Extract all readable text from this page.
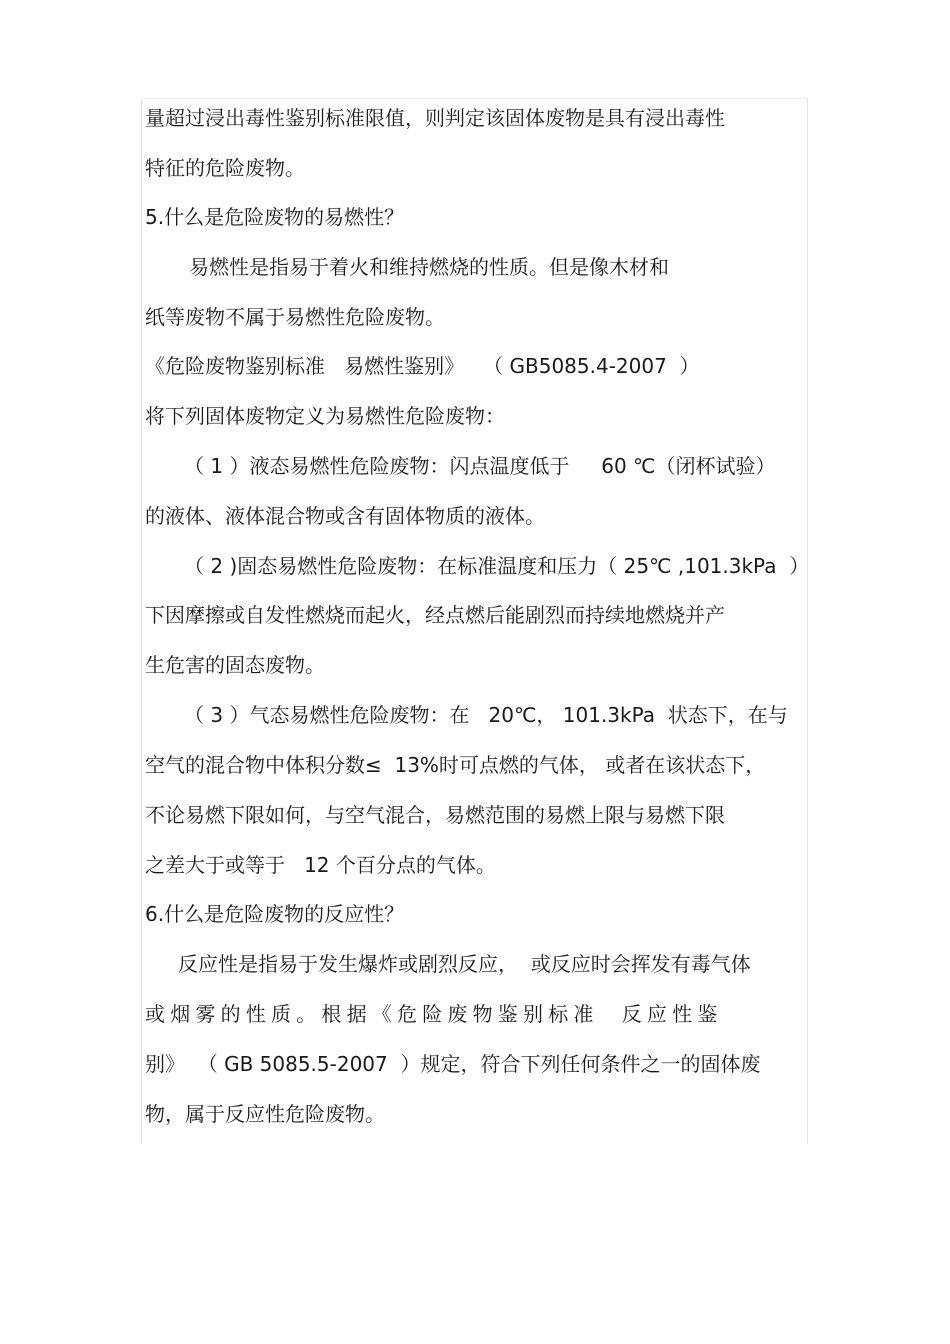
量超过浸出毒性鉴别标准限值，则判定该固体废物是具有浸出毒性
特征的危险废物。
5.什么是危险废物的易燃性？
易燃性是指易于着火和维持燃烧的性质。但是像木材和
纸等废物不属于易燃性危险废物。
《危险废物鉴别标准   易燃性鉴别》   （ GB5085.4-2007  ）
将下列固体废物定义为易燃性危险废物：
（ 1 ）液态易燃性危险废物：闪点温度低于     60 ℃（闭杯试验）
的液体、液体混合物或含有固体物质的液体。
（ 2 )固态易燃性危险废物：在标准温度和压力（ 25℃ ,101.3kPa  ）
下因摩擦或自发性燃烧而起火，经点燃后能剧烈而持续地燃烧并产
生危害的固态废物。
（ 3 ）气态易燃性危险废物：在   20℃， 101.3kPa  状态下，在与
空气的混合物中体积分数≤  13%时可点燃的气体， 或者在该状态下，
不论易燃下限如何，与空气混合，易燃范围的易燃上限与易燃下限
之差大于或等于   12 个百分点的气体。
6.什么是危险废物的反应性？
反应性是指易于发生爆炸或剧烈反应，  或反应时会挥发有毒气体
或烟雾的性质。根据《危险废物鉴别标准  反应性鉴
别》  （ GB 5085.5-2007  ）规定，符合下列任何条件之一的固体废
物，属于反应性危险废物。
